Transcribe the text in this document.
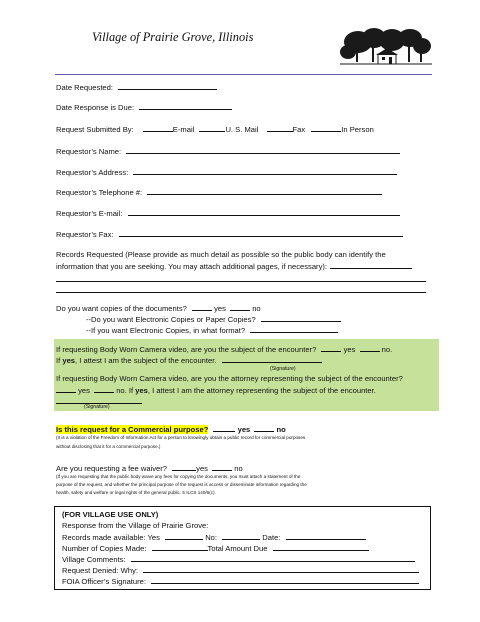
Village of Prairie Grove, Illinois
Date Requested:
Date Response is Due:
Request Submitted By:	E-mail	U. S. Mail	Fax	In Person
Requestor’s Name:
Requestor’s Address:
Requestor’s Telephone #:
Requestor’s E-mail:
Requestor’s Fax:
Records Requested (Please provide as much detail as possible so the public body can identify the
information that you are seeking. You may attach additional pages, if necessary):
Do you want copies of the documents?	yes	no
--Do you want Electronic Copies or Paper Copies?
--If you want Electronic Copies, in what format?
If requesting Body Worn Camera video, are you the subject of the encounter?	yes	no.
If yes, I attest I am the subject of the encounter.
(Signature)
If requesting Body Worn Camera video, are you the attorney representing the subject of the encounter?
yes	no. If yes, I attest I am the attorney representing the subject of the encounter.
(Signature)
Is this request for a Commercial purpose?	yes	no
(It is a violation of the Freedom of Information Act for a person to knowingly obtain a public record for commercial purposes
without disclosing that it for a commercial purpose.)
Are you requesting a fee waiver?	yes	no
(If you are requesting that the public body waive any fees for copying the documents, you must attach a statement of the
purpose of the request, and whether the principal purpose of the request is access or disseminate information regarding the
health, safety and welfare or legal rights of the general public. 5 ILCS 140/6(c).
(FOR VILLAGE USE ONLY)
Response from the Village of Prairie Grove:
Records made available: Yes	No:	Date:
Number of Copies Made:	Total Amount Due
Village Comments:
Request Denied: Why:
FOIA Officer’s Signature:
